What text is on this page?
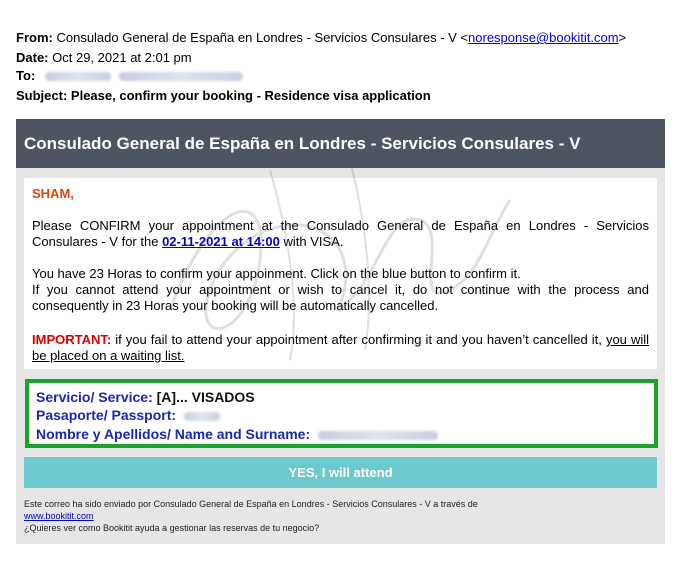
From: Consulado General de España en Londres - Servicios Consulares - V <noresponse@bookitit.com>
Date: Oct 29, 2021 at 2:01 pm
To:
Subject: Please, confirm your booking - Residence visa application
Consulado General de España en Londres - Servicios Consulares - V

SHAM,

Please CONFIRM your appointment at the Consulado General de España en Londres - Servicios Consulares - V for the 02-11-2021 at 14:00 with VISA.

You have 23 Horas to confirm your appoinment. Click on the blue button to confirm it.
If you cannot attend your appointment or wish to cancel it, do not continue with the process and consequently in 23 Horas your booking will be automatically cancelled.

IMPORTANT: if you fail to attend your appointment after confirming it and you haven’t cancelled it, you will be placed on a waiting list.

Servicio/ Service: [A]... VISADOS
Pasaporte/ Passport:
Nombre y Apellidos/ Name and Surname:
YES, I will attend
Este correo ha sido enviado por Consulado General de España en Londres - Servicios Consulares - V a través de
www.bookitit.com
¿Quieres ver como Bookitit ayuda a gestionar las reservas de tu negocio?
